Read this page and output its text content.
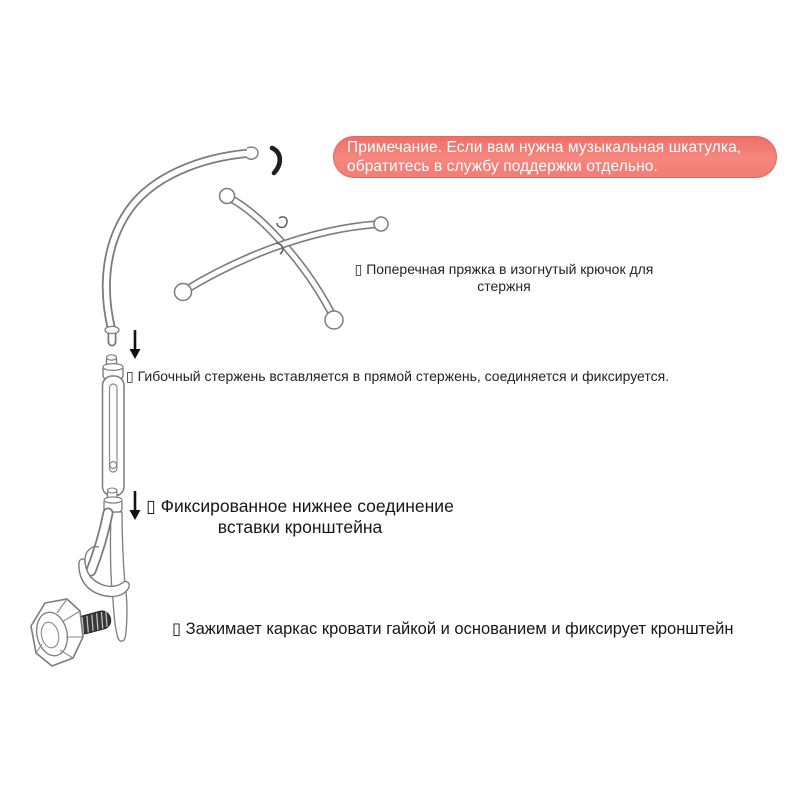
Примечание. Если вам нужна музыкальная шкатулка,
обратитесь в службу поддержки отдельно.
▯ Поперечная пряжка в изогнутый крючок для
стержня
▯ Гибочный стержень вставляется в прямой стержень, соединяется и фиксируется.
▯ Фиксированное нижнее соединение
вставки кронштейна
▯ Зажимает каркас кровати гайкой и основанием и фиксирует кронштейн
